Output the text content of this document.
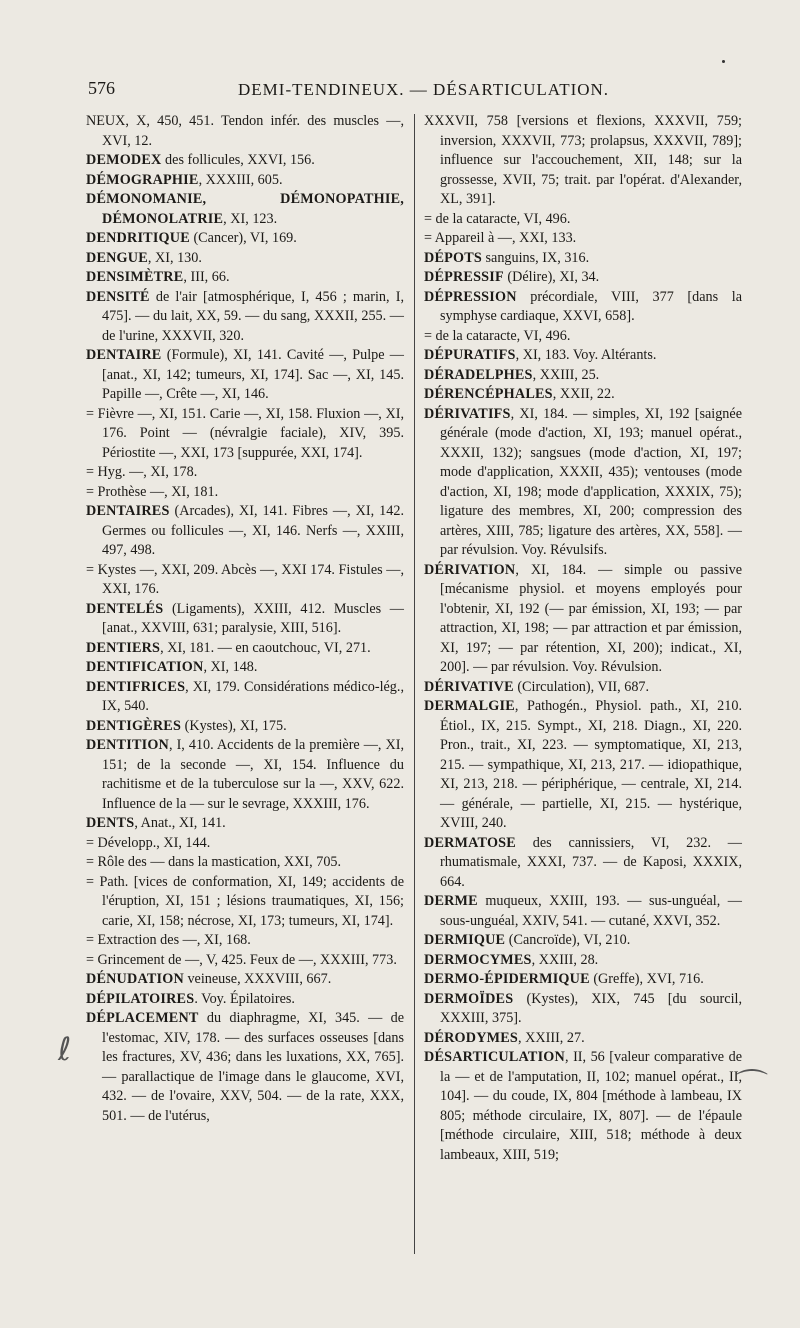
576	DEMI-TENDINEUX. — DÉSARTICULATION.

NEUX, X, 450, 451. Tendon infér. des muscles —, XVI, 12.

DEMODEX des follicules, XXVI, 156.

DÉMOGRAPHIE, XXXIII, 605.

DÉMONOMANIE, DÉMONOPATHIE, DÉMONOLATRIE, XI, 123.

DENDRITIQUE (Cancer), VI, 169.

DENGUE, XI, 130.

DENSIMÈTRE, III, 66.

DENSITÉ de l'air [atmosphérique, I, 456 ; marin, I, 475]. — du lait, XX, 59. — du sang, XXXII, 255. — de l'urine, XXXVII, 320.

DENTAIRE (Formule), XI, 141. Cavité —, Pulpe — [anat., XI, 142; tumeurs, XI, 174]. Sac —, XI, 145. Papille —, Crête —, XI, 146.

= Fièvre —, XI, 151. Carie —, XI, 158. Fluxion —, XI, 176. Point — (névralgie faciale), XIV, 395. Périostite —, XXI, 173 [suppurée, XXI, 174].

= Hyg. —, XI, 178.

= Prothèse —, XI, 181.

DENTAIRES (Arcades), XI, 141. Fibres —, XI, 142. Germes ou follicules —, XI, 146. Nerfs —, XXIII, 497, 498.

= Kystes —, XXI, 209. Abcès —, XXI 174. Fistules —, XXI, 176.

DENTELÉS (Ligaments), XXIII, 412. Muscles — [anat., XXVIII, 631; paralysie, XIII, 516].

DENTIERS, XI, 181. — en caoutchouc, VI, 271.

DENTIFICATION, XI, 148.

DENTIFRICES, XI, 179. Considérations médico-lég., IX, 540.

DENTIGÈRES (Kystes), XI, 175.

DENTITION, I, 410. Accidents de la première —, XI, 151; de la seconde —, XI, 154. Influence du rachitisme et de la tuberculose sur la —, XXV, 622. Influence de la — sur le sevrage, XXXIII, 176.

DENTS, Anat., XI, 141.

= Développ., XI, 144.

= Rôle des — dans la mastication, XXI, 705.

= Path. [vices de conformation, XI, 149; accidents de l'éruption, XI, 151 ; lésions traumatiques, XI, 156; carie, XI, 158; nécrose, XI, 173; tumeurs, XI, 174].

= Extraction des —, XI, 168.

= Grincement de —, V, 425. Feux de —, XXXIII, 773.

DÉNUDATION veineuse, XXXVIII, 667.

DÉPILATOIRES. Voy. Épilatoires.

DÉPLACEMENT du diaphragme, XI, 345. — de l'estomac, XIV, 178. — des surfaces osseuses [dans les fractures, XV, 436; dans les luxations, XX, 765]. — parallactique de l'image dans le glaucome, XVI, 432. — de l'ovaire, XXV, 504. — de la rate, XXX, 501. — de l'utérus,

XXXVII, 758 [versions et flexions, XXXVII, 759; inversion, XXXVII, 773; prolapsus, XXXVII, 789]; influence sur l'accouchement, XII, 148; sur la grossesse, XVII, 75; trait. par l'opérat. d'Alexander, XL, 391].

= de la cataracte, VI, 496.

= Appareil à —, XXI, 133.

DÉPOTS sanguins, IX, 316.

DÉPRESSIF (Délire), XI, 34.

DÉPRESSION précordiale, VIII, 377 [dans la symphyse cardiaque, XXVI, 658].

= de la cataracte, VI, 496.

DÉPURATIFS, XI, 183. Voy. Altérants.

DÉRADELPHES, XXIII, 25.

DÉRENCÉPHALES, XXII, 22.

DÉRIVATIFS, XI, 184. — simples, XI, 192 [saignée générale (mode d'action, XI, 193; manuel opérat., XXXII, 132); sangsues (mode d'action, XI, 197; mode d'application, XXXII, 435); ventouses (mode d'action, XI, 198; mode d'application, XXXIX, 75); ligature des membres, XI, 200; compression des artères, XIII, 785; ligature des artères, XX, 558]. — par révulsion. Voy. Révulsifs.

DÉRIVATION, XI, 184. — simple ou passive [mécanisme physiol. et moyens employés pour l'obtenir, XI, 192 (— par émission, XI, 193; — par attraction, XI, 198; — par attraction et par émission, XI, 197; — par rétention, XI, 200); indicat., XI, 200]. — par révulsion. Voy. Révulsion.

DÉRIVATIVE (Circulation), VII, 687.

DERMALGIE, Pathogén., Physiol. path., XI, 210. Étiol., IX, 215. Sympt., XI, 218. Diagn., XI, 220. Pron., trait., XI, 223. — symptomatique, XI, 213, 215. — sympathique, XI, 213, 217. — idiopathique, XI, 213, 218. — périphérique, — centrale, XI, 214. — générale, — partielle, XI, 215. — hystérique, XVIII, 240.

DERMATOSE des cannissiers, VI, 232. — rhumatismale, XXXI, 737. — de Kaposi, XXXIX, 664.

DERME muqueux, XXIII, 193. — sus-unguéal, — sous-unguéal, XXIV, 541. — cutané, XXVI, 352.

DERMIQUE (Cancroïde), VI, 210.

DERMOCYMES, XXIII, 28.

DERMO-ÉPIDERMIQUE (Greffe), XVI, 716.

DERMOÏDES (Kystes), XIX, 745 [du sourcil, XXXIII, 375].

DÉRODYMES, XXIII, 27.

DÉSARTICULATION, II, 56 [valeur comparative de la — et de l'amputation, II, 102; manuel opérat., II, 104]. — du coude, IX, 804 [méthode à lambeau, IX 805; méthode circulaire, IX, 807]. — de l'épaule [méthode circulaire, XIII, 518; méthode à deux lambeaux, XIII, 519;

ℓ
⌒
